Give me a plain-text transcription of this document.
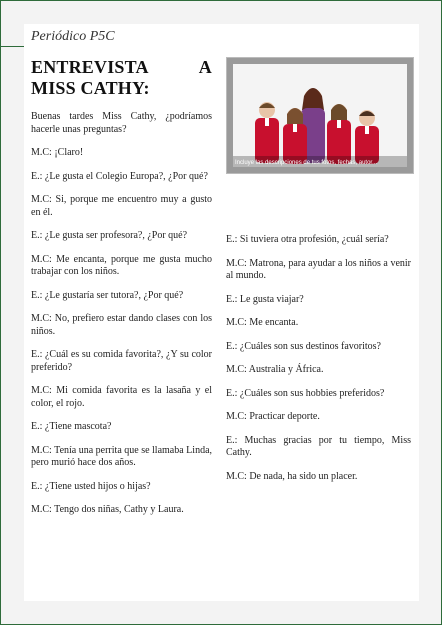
Periódico P5C
ENTREVISTA	A
MISS CATHY:

Buenas tardes Miss Cathy, ¿podríamos hacerle unas preguntas?

M.C: ¡Claro!

E.: ¿Le gusta el Colegio Europa?, ¿Por qué?

M.C: Si, porque me encuentro muy a gusto en él.

E.: ¿Le gusta ser profesora?, ¿Por qué?

M.C: Me encanta, porque me gusta mucho trabajar con los niños.

E.: ¿Le gustaría ser tutora?, ¿Por qué?

M.C: No, prefiero estar dando clases con los niños.

E.: ¿Cuál es su comida favorita?, ¿Y su color preferido?

M.C: Mi comida favorita es la lasaña y el color, el rojo.

E.: ¿Tiene mascota?

M.C: Tenía una perrita que se llamaba Linda, pero murió hace dos años.

E.: ¿Tiene usted hijos o hijas?

M.C: Tengo dos niñas, Cathy y Laura.

Incluye las descripciones de tus fotos, fechas, autor...

E.: Si tuviera otra profesión, ¿cuál sería?

M.C: Matrona, para ayudar a los niños a venir al mundo.

E.: Le gusta viajar?

M.C: Me encanta.

E.: ¿Cuáles son sus destinos favoritos?

M.C: Australia y África.

E.: ¿Cuáles son sus hobbies preferidos?

M.C: Practicar deporte.

E.: Muchas gracias por tu tiempo, Miss Cathy.

M.C: De nada, ha sido un placer.
